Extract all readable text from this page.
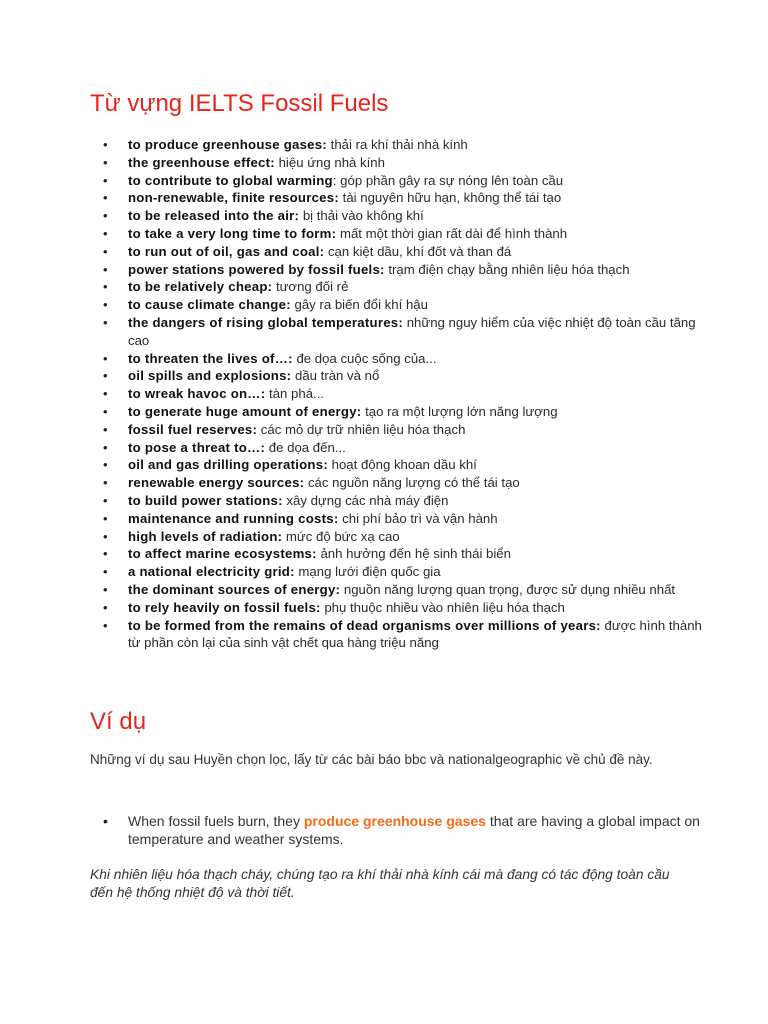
Từ vựng IELTS Fossil Fuels
• to produce greenhouse gases: thải ra khí thải nhà kính
• the greenhouse effect: hiệu ứng nhà kính
• to contribute to global warming: góp phần gây ra sự nóng lên toàn cầu
• non-renewable, finite resources: tài nguyên hữu hạn, không thể tái tạo
• to be released into the air: bị thải vào không khí
• to take a very long time to form: mất một thời gian rất dài để hình thành
• to run out of oil, gas and coal: cạn kiệt dầu, khí đốt và than đá
• power stations powered by fossil fuels: trạm điện chạy bằng nhiên liệu hóa thạch
• to be relatively cheap: tương đối rẻ
• to cause climate change: gây ra biến đổi khí hậu
• the dangers of rising global temperatures: những nguy hiểm của việc nhiệt độ toàn cầu tăng cao
• to threaten the lives of…: đe dọa cuộc sống của...
• oil spills and explosions: dầu tràn và nổ
• to wreak havoc on…: tàn phá...
• to generate huge amount of energy: tạo ra một lượng lớn năng lượng
• fossil fuel reserves: các mỏ dự trữ nhiên liệu hóa thạch
• to pose a threat to…: đe dọa đến...
• oil and gas drilling operations: hoạt động khoan dầu khí
• renewable energy sources: các nguồn năng lượng có thể tái tạo
• to build power stations: xây dựng các nhà máy điện
• maintenance and running costs: chi phí bảo trì và vận hành
• high levels of radiation: mức độ bức xạ cao
• to affect marine ecosystems: ảnh hưởng đến hệ sinh thái biển
• a national electricity grid: mạng lưới điện quốc gia
• the dominant sources of energy: nguồn năng lượng quan trọng, được sử dụng nhiều nhất
• to rely heavily on fossil fuels: phụ thuộc nhiều vào nhiên liệu hóa thạch
• to be formed from the remains of dead organisms over millions of years: được hình thành từ phần còn lại của sinh vật chết qua hàng triệu năng
Ví dụ

Những ví dụ sau Huyền chọn lọc, lấy từ các bài báo bbc và nationalgeographic về chủ đề này.

• When fossil fuels burn, they produce greenhouse gases that are having a global impact on temperature and weather systems.

Khi nhiên liệu hóa thạch cháy, chúng tạo ra khí thải nhà kính cái mà đang có tác động toàn cầu đến hệ thống nhiệt độ và thời tiết.
